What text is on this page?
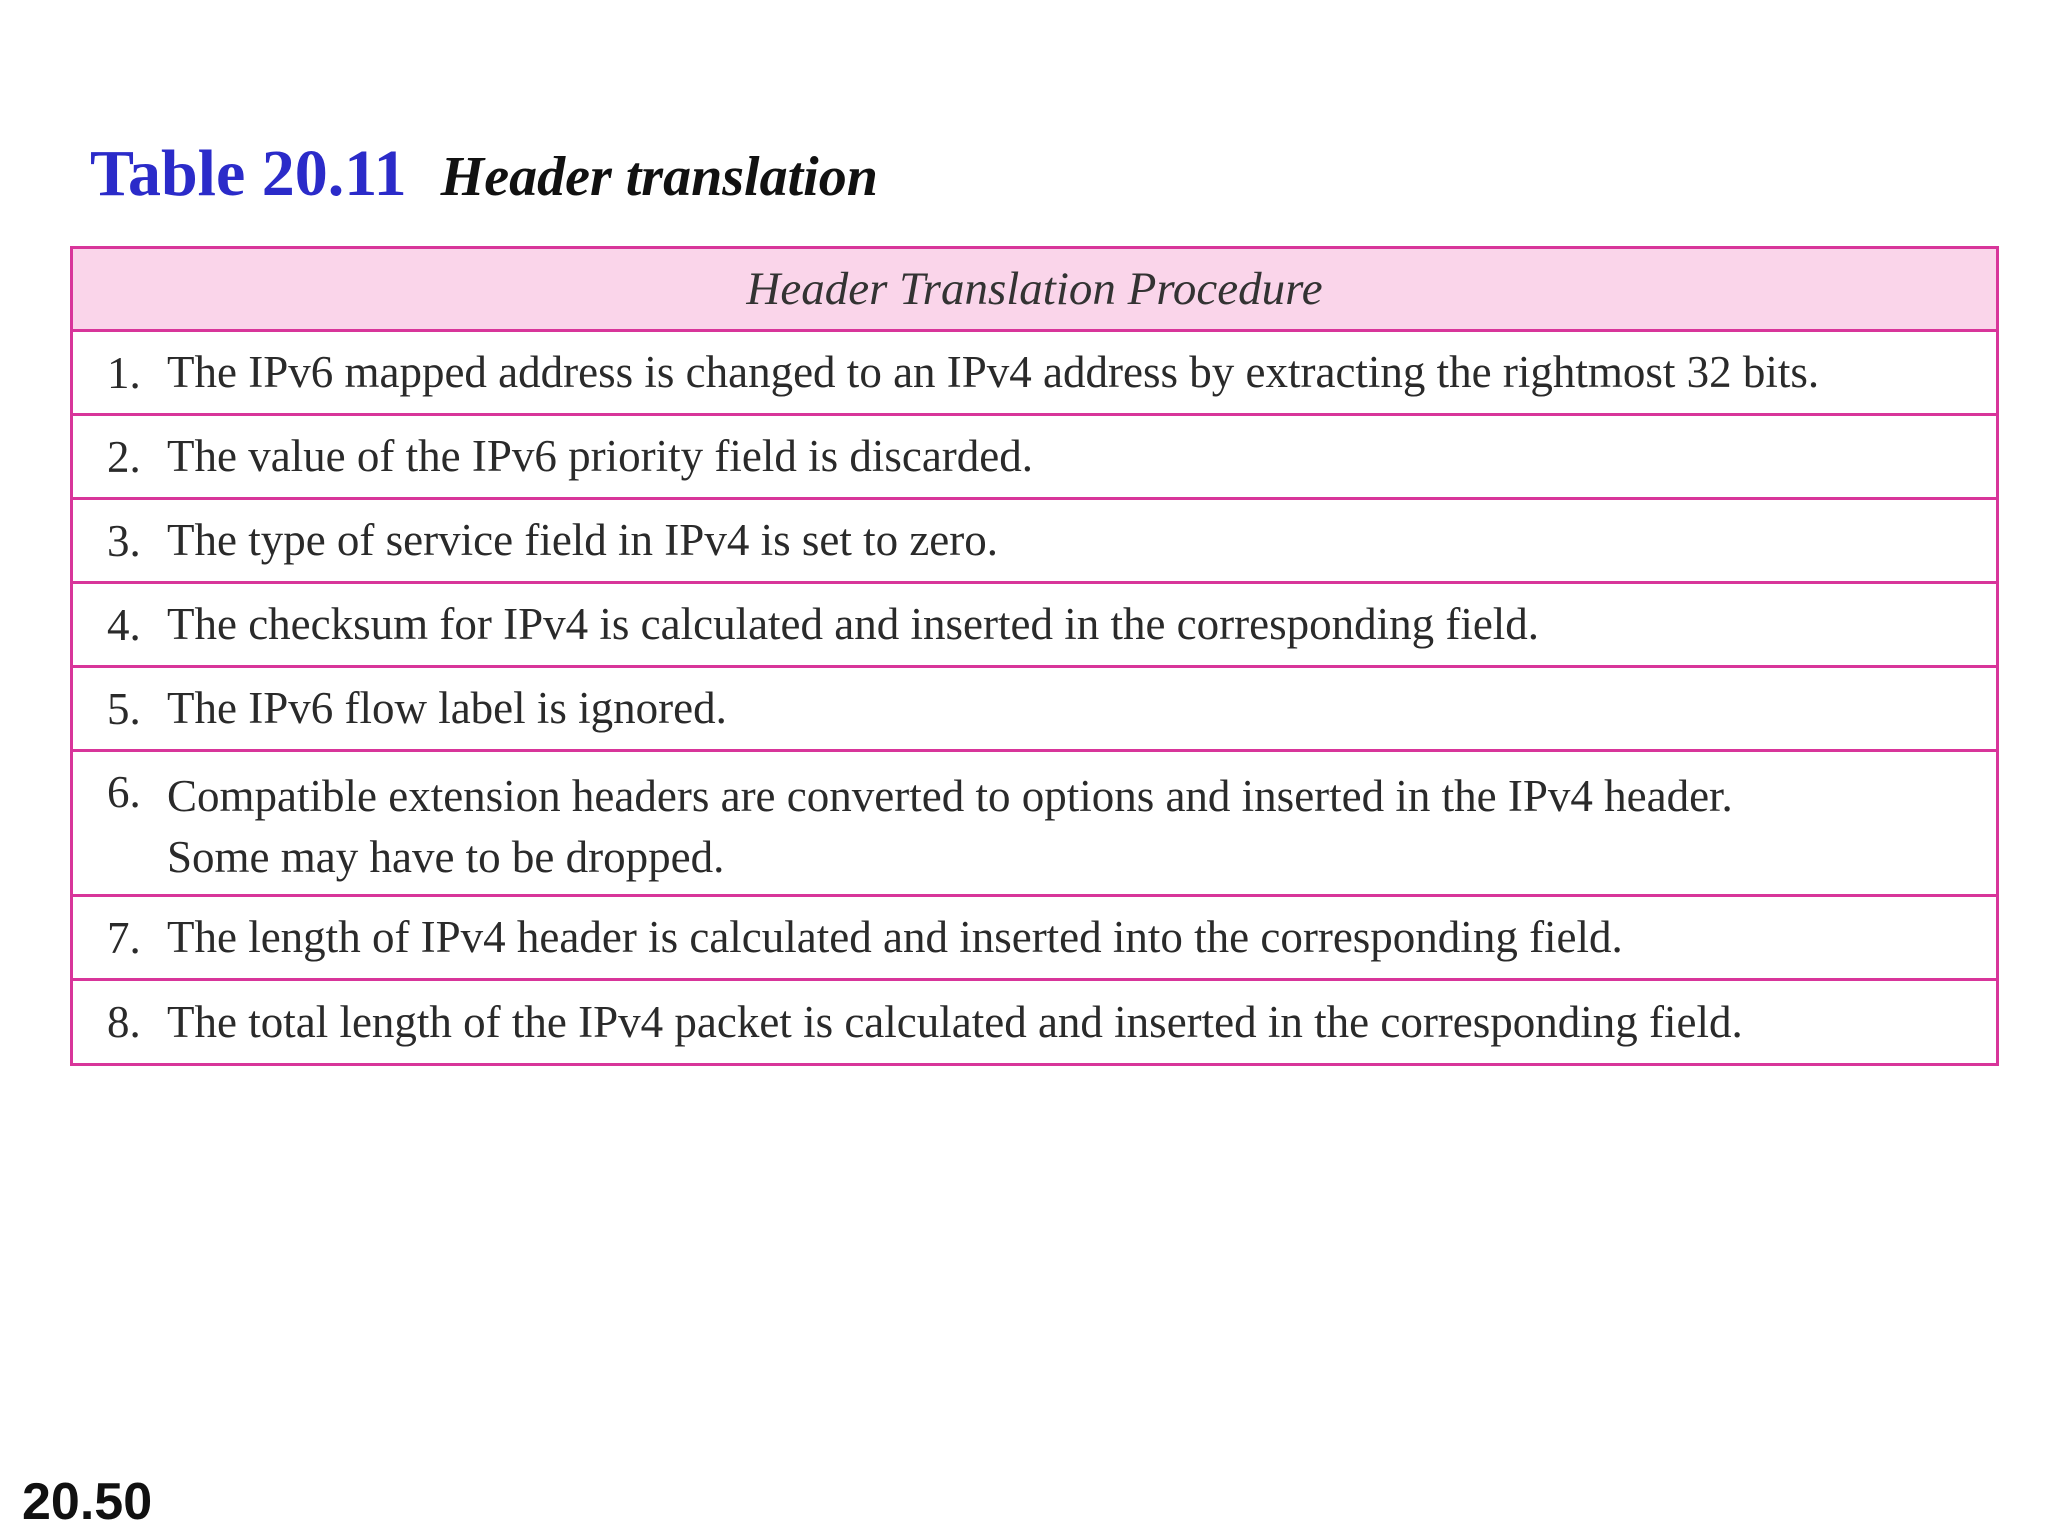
Table 20.11 Header translation
Header Translation Procedure
1. The IPv6 mapped address is changed to an IPv4 address by extracting the rightmost 32 bits.
2. The value of the IPv6 priority field is discarded.
3. The type of service field in IPv4 is set to zero.
4. The checksum for IPv4 is calculated and inserted in the corresponding field.
5. The IPv6 flow label is ignored.
6. Compatible extension headers are converted to options and inserted in the IPv4 header.
Some may have to be dropped.
7. The length of IPv4 header is calculated and inserted into the corresponding field.
8. The total length of the IPv4 packet is calculated and inserted in the corresponding field.
20.50
